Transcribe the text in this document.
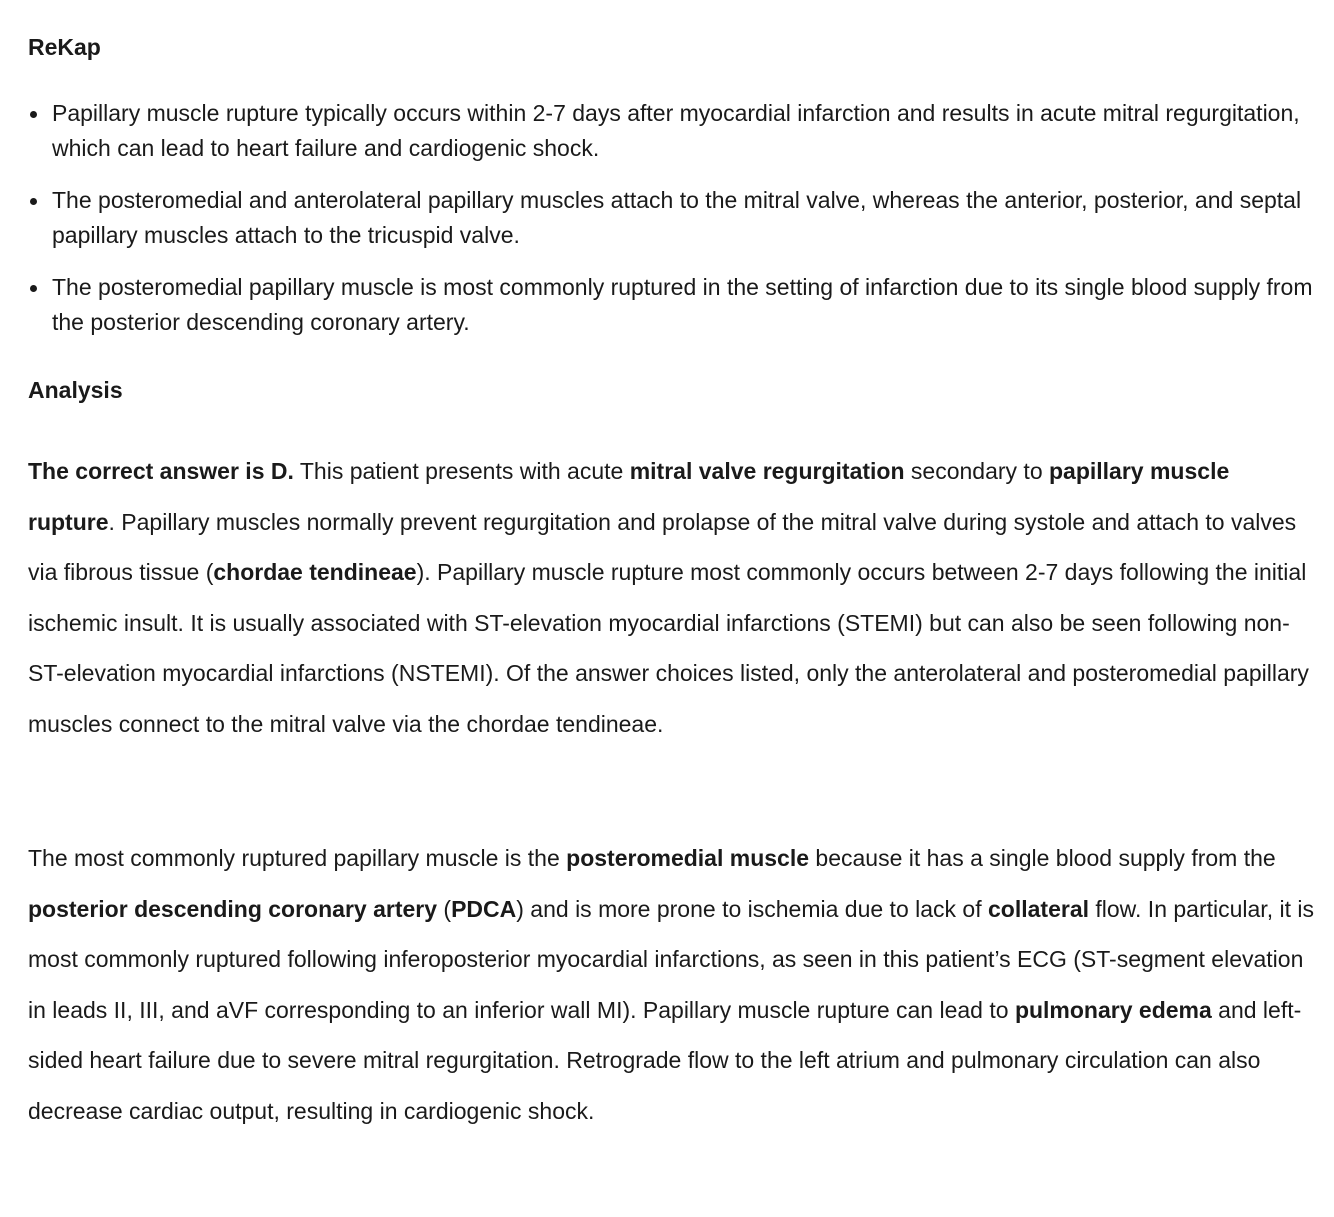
ReKap
Papillary muscle rupture typically occurs within 2-7 days after myocardial infarction and results in acute mitral regurgitation, which can lead to heart failure and cardiogenic shock.
The posteromedial and anterolateral papillary muscles attach to the mitral valve, whereas the anterior, posterior, and septal papillary muscles attach to the tricuspid valve.
The posteromedial papillary muscle is most commonly ruptured in the setting of infarction due to its single blood supply from the posterior descending coronary artery.
Analysis

The correct answer is D. This patient presents with acute mitral valve regurgitation secondary to papillary muscle rupture. Papillary muscles normally prevent regurgitation and prolapse of the mitral valve during systole and attach to valves via fibrous tissue (chordae tendineae). Papillary muscle rupture most commonly occurs between 2-7 days following the initial ischemic insult. It is usually associated with ST-elevation myocardial infarctions (STEMI) but can also be seen following non-ST-elevation myocardial infarctions (NSTEMI). Of the answer choices listed, only the anterolateral and posteromedial papillary muscles connect to the mitral valve via the chordae tendineae.

The most commonly ruptured papillary muscle is the posteromedial muscle because it has a single blood supply from the posterior descending coronary artery (PDCA) and is more prone to ischemia due to lack of collateral flow. In particular, it is most commonly ruptured following inferoposterior myocardial infarctions, as seen in this patient’s ECG (ST-segment elevation in leads II, III, and aVF corresponding to an inferior wall MI). Papillary muscle rupture can lead to pulmonary edema and left-sided heart failure due to severe mitral regurgitation. Retrograde flow to the left atrium and pulmonary circulation can also decrease cardiac output, resulting in cardiogenic shock.
